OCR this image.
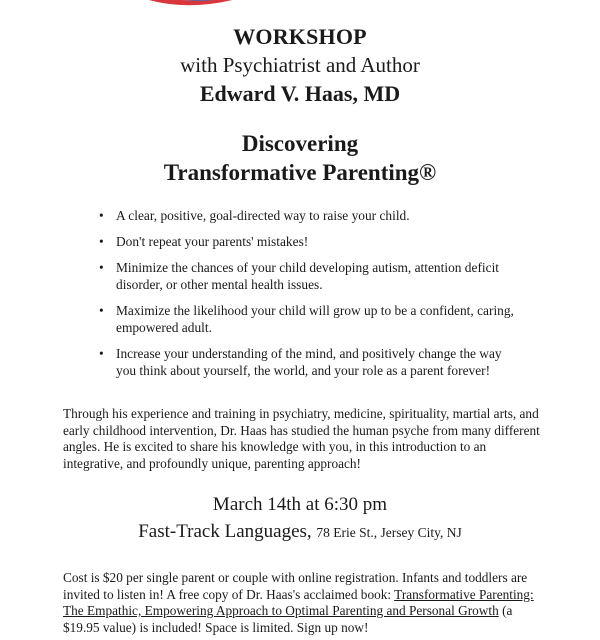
WORKSHOP
with Psychiatrist and Author
Edward V. Haas, MD
Discovering
Transformative Parenting®
• A clear, positive, goal-directed way to raise your child.
• Don't repeat your parents' mistakes!
• Minimize the chances of your child developing autism, attention deficit disorder, or other mental health issues.
• Maximize the likelihood your child will grow up to be a confident, caring, empowered adult.
• Increase your understanding of the mind, and positively change the way you think about yourself, the world, and your role as a parent forever!

Through his experience and training in psychiatry, medicine, spirituality, martial arts, and early childhood intervention, Dr. Haas has studied the human psyche from many different angles. He is excited to share his knowledge with you, in this introduction to an integrative, and profoundly unique, parenting approach!

March 14th at 6:30 pm
Fast-Track Languages, 78 Erie St., Jersey City, NJ

Cost is $20 per single parent or couple with online registration. Infants and toddlers are invited to listen in! A free copy of Dr. Haas's acclaimed book: Transformative Parenting: The Empathic, Empowering Approach to Optimal Parenting and Personal Growth (a $19.95 value) is included! Space is limited. Sign up now!
